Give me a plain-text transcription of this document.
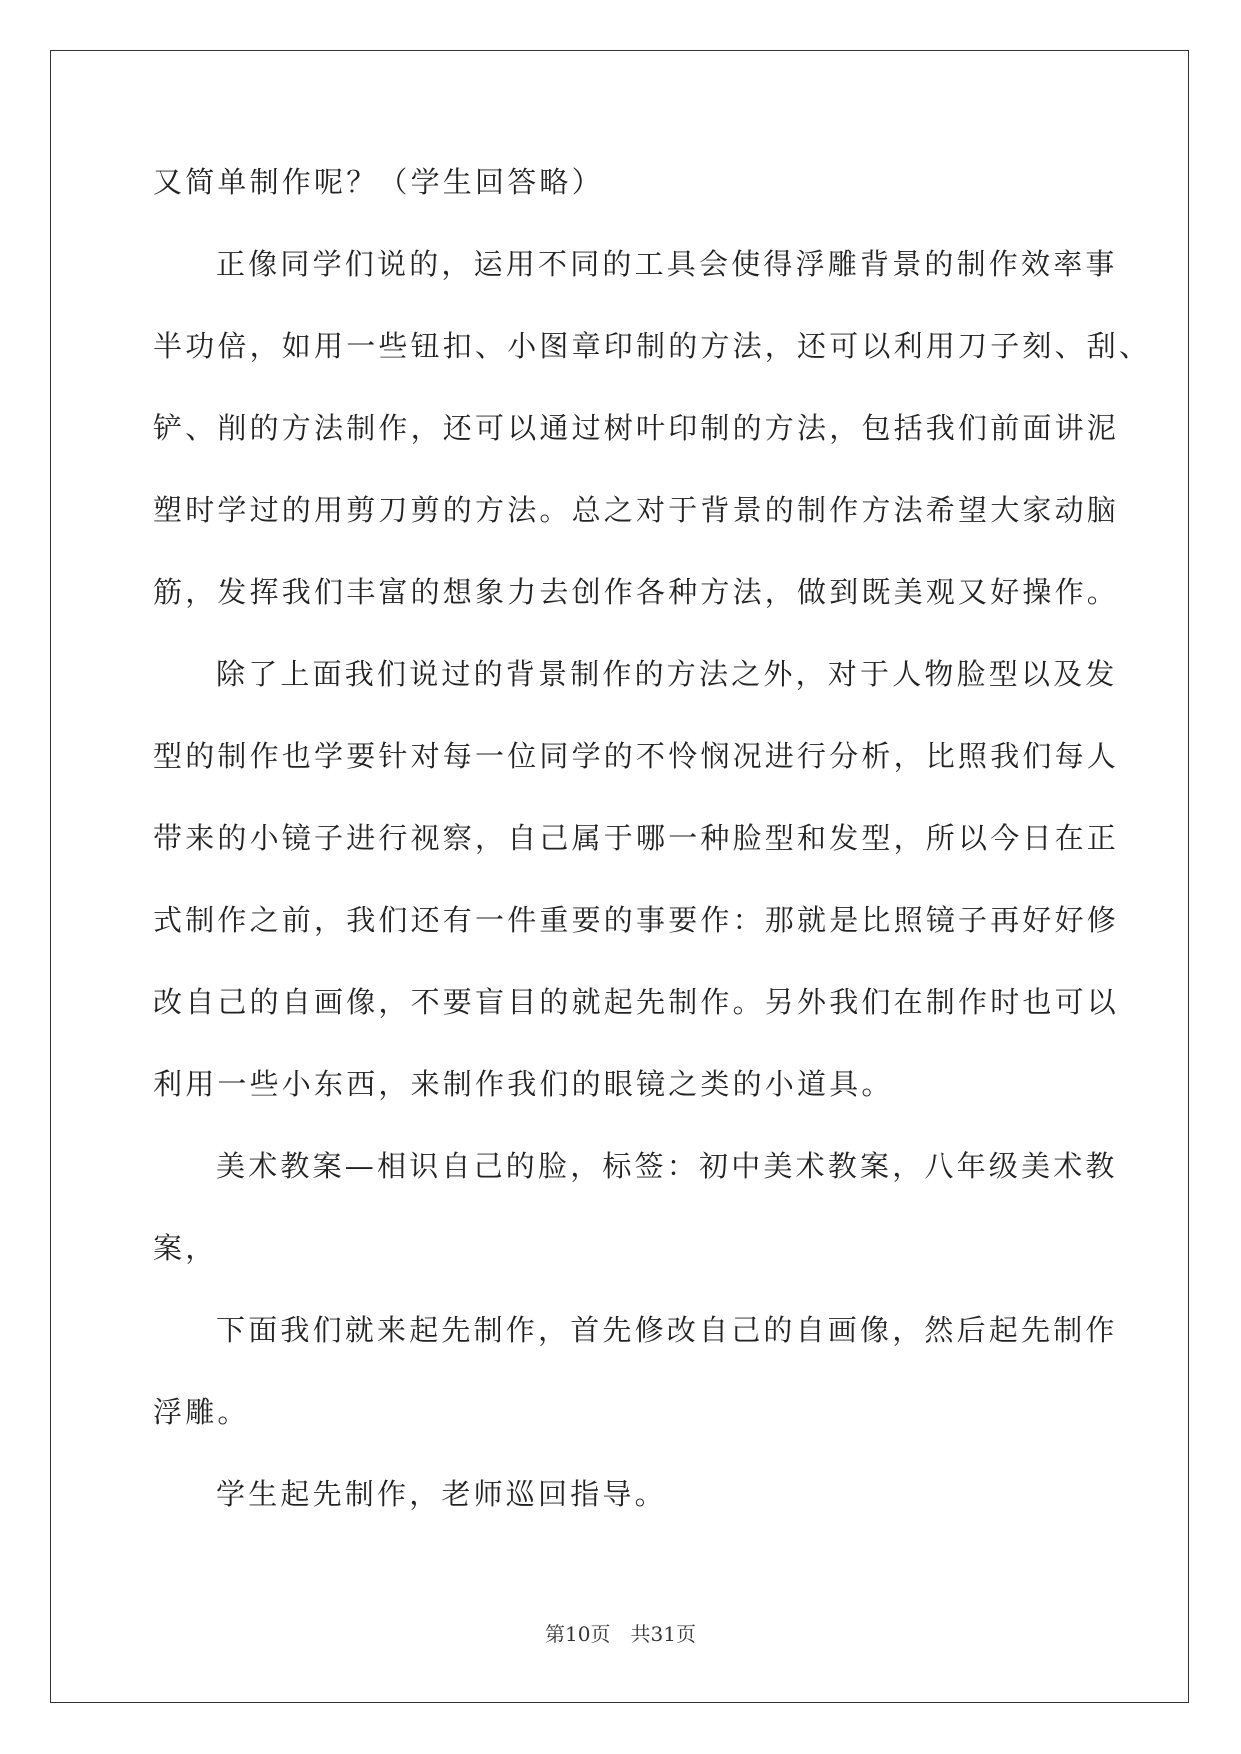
又简单制作呢？（学生回答略）
正像同学们说的，运用不同的工具会使得浮雕背景的制作效率事
半功倍，如用一些钮扣、小图章印制的方法，还可以利用刀子刻、刮、
铲、削的方法制作，还可以通过树叶印制的方法，包括我们前面讲泥
塑时学过的用剪刀剪的方法。总之对于背景的制作方法希望大家动脑
筋，发挥我们丰富的想象力去创作各种方法，做到既美观又好操作。
除了上面我们说过的背景制作的方法之外，对于人物脸型以及发
型的制作也学要针对每一位同学的不怜悯况进行分析，比照我们每人
带来的小镜子进行视察，自己属于哪一种脸型和发型，所以今日在正
式制作之前，我们还有一件重要的事要作：那就是比照镜子再好好修
改自己的自画像，不要盲目的就起先制作。另外我们在制作时也可以
利用一些小东西，来制作我们的眼镜之类的小道具。
美术教案—相识自己的脸，标签：初中美术教案，八年级美术教
案，
下面我们就来起先制作，首先修改自己的自画像，然后起先制作
浮雕。
学生起先制作，老师巡回指导。
第10页 共31页
